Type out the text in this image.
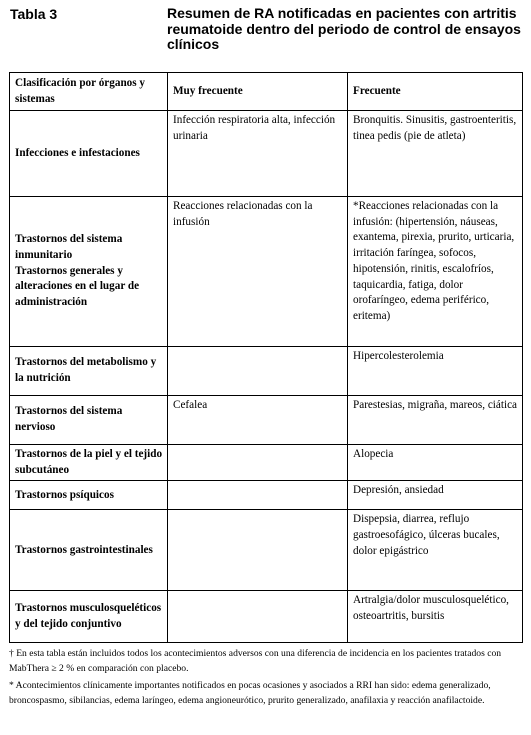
Tabla 3	Resumen de RA notificadas en pacientes con artritis reumatoide dentro del periodo de control de ensayos clínicos
Clasificación por órganos y sistemas	Muy frecuente	Frecuente

Infecciones e infestaciones	Infección respiratoria alta, infección urinaria	Bronquitis. Sinusitis, gastroenteritis, tinea pedis (pie de atleta)

Trastornos del sistema inmunitario
Trastornos generales y alteraciones en el lugar de administración	Reacciones relacionadas con la infusión	*Reacciones relacionadas con la infusión: (hipertensión, náuseas, exantema, pirexia, prurito, urticaria, irritación faríngea, sofocos, hipotensión, rinitis, escalofríos, taquicardia, fatiga, dolor orofaríngeo, edema periférico, eritema)

Trastornos del metabolismo y la nutrición		Hipercolesterolemia

Trastornos del sistema nervioso	Cefalea	Parestesias, migraña, mareos, ciática

Trastornos de la piel y el tejido subcutáneo		Alopecia

Trastornos psíquicos		Depresión, ansiedad

Trastornos gastrointestinales		Dispepsia, diarrea, reflujo gastroesofágico, úlceras bucales, dolor epigástrico

Trastornos musculosqueléticos y del tejido conjuntivo		Artralgia/dolor musculosquelético, osteoartritis, bursitis

† En esta tabla están incluidos todos los acontecimientos adversos con una diferencia de incidencia en los pacientes tratados con MabThera ≥ 2 % en comparación con placebo.

* Acontecimientos clínicamente importantes notificados en pocas ocasiones y asociados a RRI han sido: edema generalizado, broncospasmo, sibilancias, edema laríngeo, edema angioneurótico, prurito generalizado, anafilaxia y reacción anafilactoide.
